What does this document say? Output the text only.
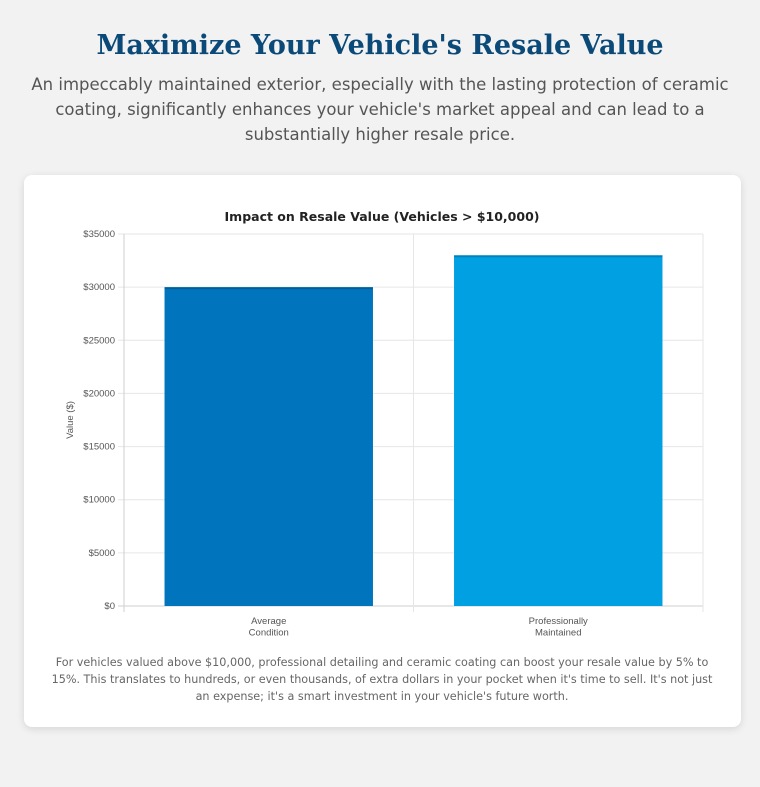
Maximize Your Vehicle's Resale Value

An impeccably maintained exterior, especially with the lasting protection of ceramic coating, significantly enhances your vehicle's market appeal and can lead to a substantially higher resale price.

Impact on Resale Value (Vehicles > $10,000)
$0
$5000
$10000
$15000
$20000
$25000
$30000
$35000
Average
Condition
Professionally
Maintained
Value ($)

For vehicles valued above $10,000, professional detailing and ceramic coating can boost your resale value by 5% to 15%. This translates to hundreds, or even thousands, of extra dollars in your pocket when it's time to sell. It's not just an expense; it's a smart investment in your vehicle's future worth.
